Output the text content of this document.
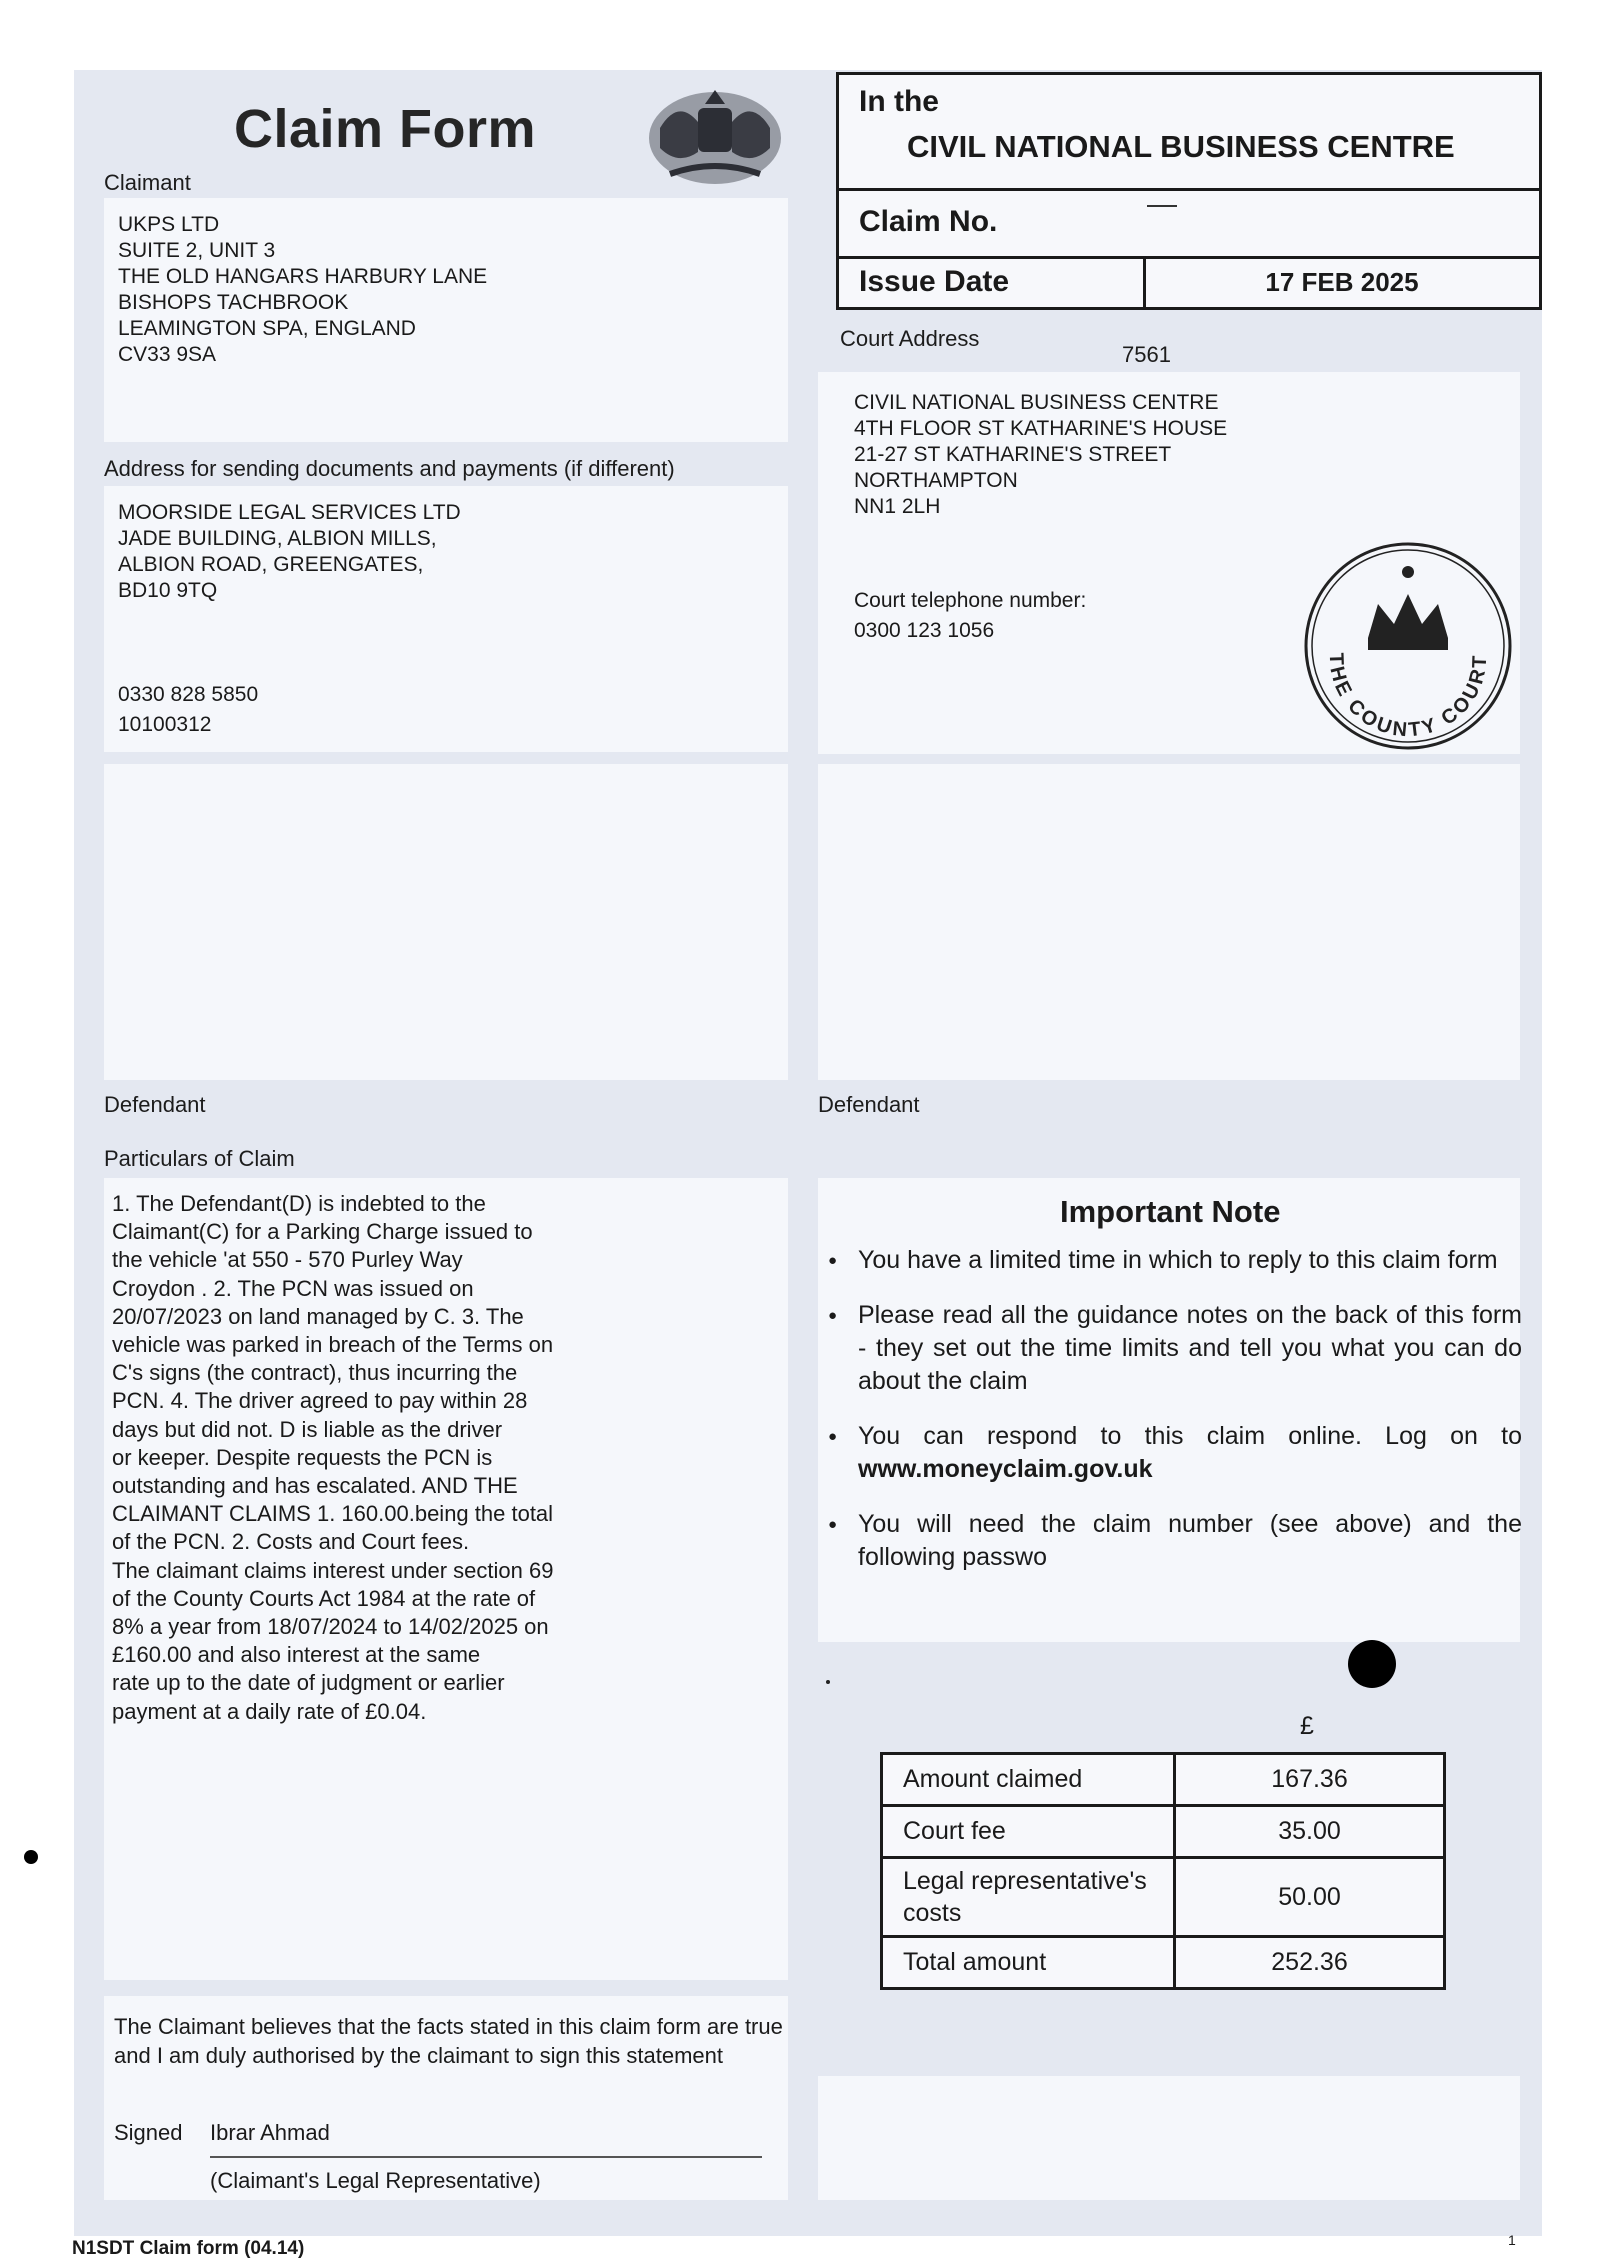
Claim Form
Claimant
UKPS LTD
SUITE 2, UNIT 3
THE OLD HANGARS HARBURY LANE
BISHOPS TACHBROOK
LEAMINGTON SPA, ENGLAND
CV33 9SA
Address for sending documents and payments (if different)
MOORSIDE LEGAL SERVICES LTD
JADE BUILDING, ALBION MILLS,
ALBION ROAD, GREENGATES,
BD10 9TQ
0330 828 5850
10100312
Defendant
In the
CIVIL NATIONAL BUSINESS CENTRE
Claim No.
Issue Date	17 FEB 2025
Court Address
7561
CIVIL NATIONAL BUSINESS CENTRE
4TH FLOOR ST KATHARINE'S HOUSE
21-27 ST KATHARINE'S STREET
NORTHAMPTON
NN1 2LH
Court telephone number:
0300 123 1056
THE COUNTY COURT
Defendant
Particulars of Claim
1. The Defendant(D) is indebted to the
Claimant(C) for a Parking Charge issued to
the vehicle 'at 550 - 570 Purley Way
Croydon . 2. The PCN was issued on
20/07/2023 on land managed by C. 3. The
vehicle was parked in breach of the Terms on
C's signs (the contract), thus incurring the
PCN. 4. The driver agreed to pay within 28
days but did not. D is liable as the driver
or keeper. Despite requests the PCN is
outstanding and has escalated. AND THE
CLAIMANT CLAIMS 1. 160.00.being the total
of the PCN. 2. Costs and Court fees.
The claimant claims interest under section 69
of the County Courts Act 1984 at the rate of
8% a year from 18/07/2024 to 14/02/2025 on
£160.00 and also interest at the same
rate up to the date of judgment or earlier
payment at a daily rate of £0.04.
Important Note
● You have a limited time in which to reply to this claim form
● Please read all the guidance notes on the back of this form - they set out the time limits and tell you what you can do about the claim
● You can respond to this claim online. Log on to www.moneyclaim.gov.uk
● You will need the claim number (see above) and the following passwo
£
Amount claimed	167.36
Court fee	35.00
Legal representative's costs	50.00
Total amount	252.36
The Claimant believes that the facts stated in this claim form are true and I am duly authorised by the claimant to sign this statement
Signed Ibrar Ahmad
(Claimant's Legal Representative)
N1SDT Claim form (04.14)	1
